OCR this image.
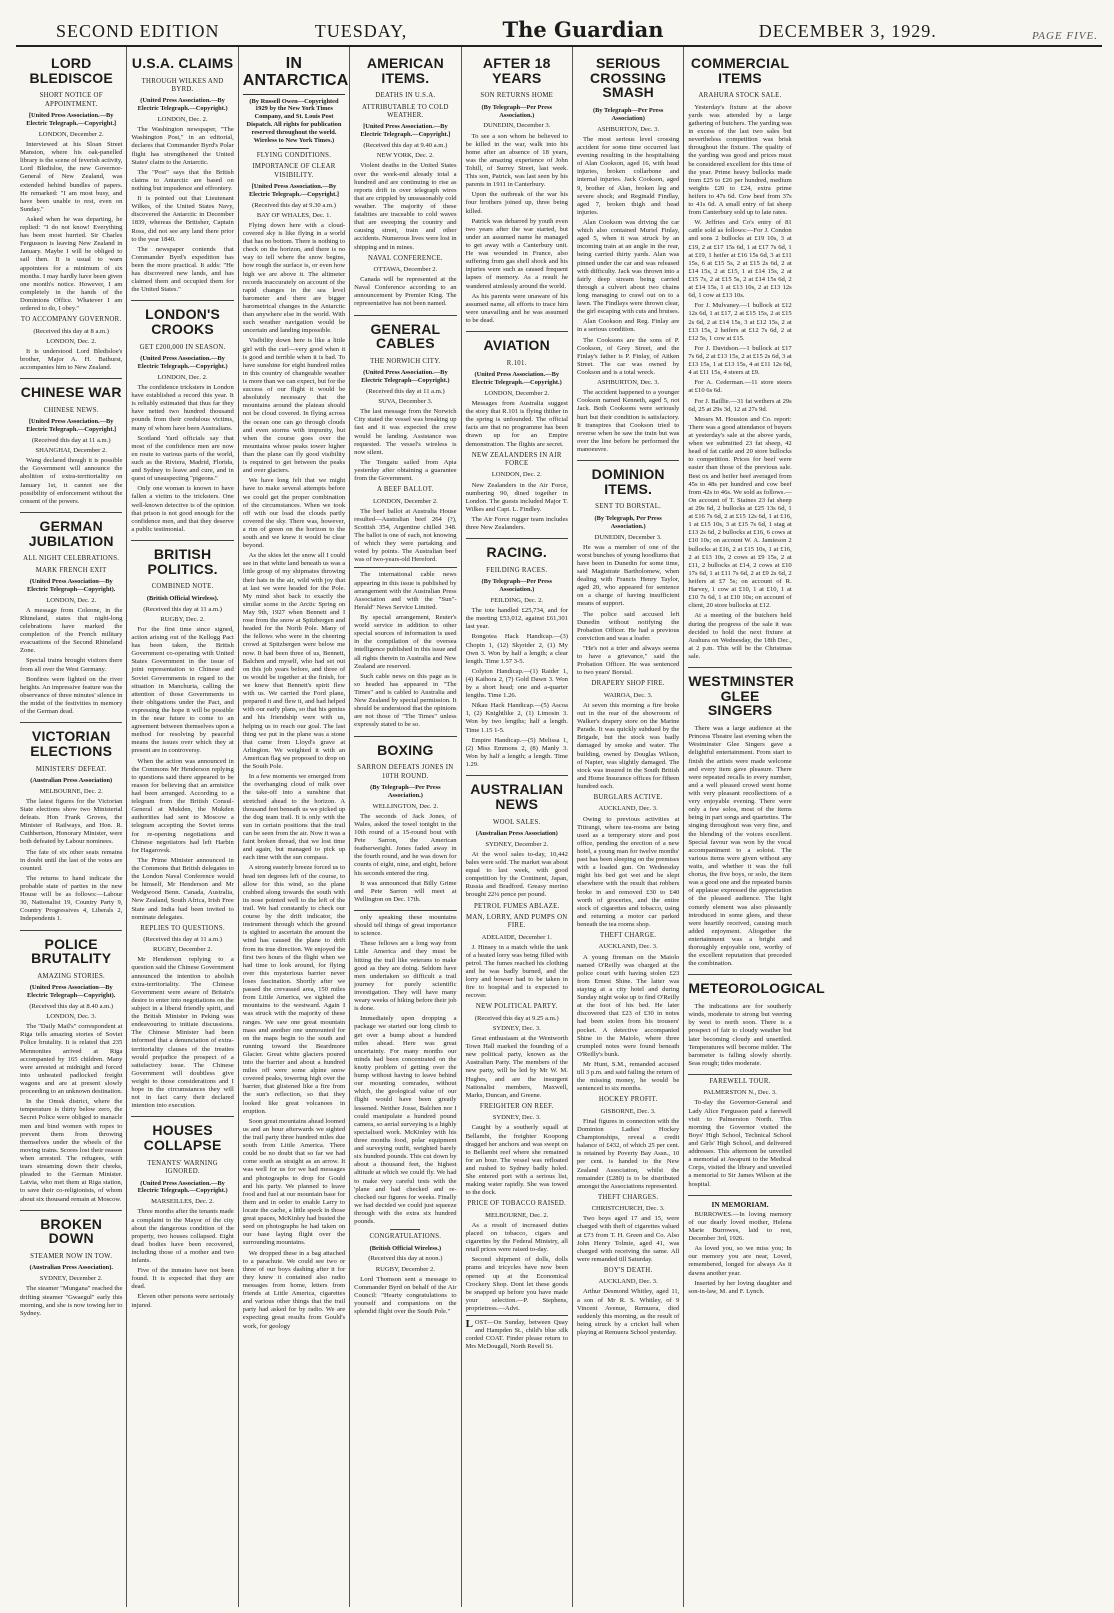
SECOND EDITION	TUESDAY,	The Guardian	DECEMBER 3, 1929.	PAGE FIVE.
LORD BLEDISCOE
SHORT NOTICE OF APPOINTMENT.
[United Press Association.—By Electric Telegraph.—Copyright.]
LONDON, December 2.

Interviewed at his Sloan Street Mansion, where his oak-panelled library is the scene of feverish activity, Lord Bledisloe, the new Governor-General of New Zealand, was extended behind bundles of papers. He remarked: "I am most busy, and have been unable to rest, even on Sunday."

Asked when he was departing, he replied: "I do not know! Everything has been most hurried. Sir Charles Fergusson is leaving New Zealand in January. Maybe I will be obliged to sail then. It is usual to warn appointees for a minimum of six months. I may hardly have been given one month's notice. However, I am completely in the hands of the Dominions Office. Whatever I am ordered to do, I obey."

TO ACCOMPANY GOVERNOR.
(Received this day at 8 a.m.)
LONDON, Dec. 2.

It is understood Lord Bledisloe's brother, Major A. H. Bathurst, accompanies him to New Zealand.

CHINESE WAR
CHINESE NEWS.
[United Press Association.—By Electric Telegraph.—Copyright.]
(Received this day at 11 a.m.)
SHANGHAI, December 2.

Wang declared though it is possible the Government will announce the abolition of extra-territoriality on January 1st, it cannot see the possibility of enforcement without the consent of the powers.

GERMAN JUBILATION
ALL NIGHT CELEBRATIONS.
MARK FRENCH EXIT
(United Press Association—By Electric Telegraph—Copyright).
LONDON, Dec. 2.

A message from Coleone, in the Rhineland, states that night-long celebrations have marked the completion of the French military evacuations of the Second Rhineland Zone.

Special trains brought visitors there from all over the West Germany.

Bonfires were lighted on the river heights. An impressive feature was the observance of three minutes' silence in the midst of the festivities in memory of the German dead.

VICTORIAN ELECTIONS
MINISTERS' DEFEAT.
(Australian Press Association)
MELBOURNE, Dec. 2.

The latest figures for the Victorian State elections show two Ministerial defeats. Hon Frank Groves, the Minister of Railways, and Hon. R. Cuthbertson, Honorary Minister, were both defeated by Labour nominees.

The fate of six other seats remains in doubt until the last of the votes are counted.

The returns to hand indicate the probable state of parties in the new House will be as follows:—Labour 30, Nationalist 19, Country Party 9, Country Progressives 4, Liberals 2, Independents 1.

POLICE BRUTALITY
AMAZING STORIES.
(United Press Association—By Electric Telegraph—Copyright).
(Received this day at 8.40 a.m.)
LONDON, Dec. 3.

The "Daily Mail's" correspondent at Riga tells amazing stories of Soviet Police brutality. It is related that 235 Mennonites arrived at Riga accompanied by 165 children. Many were arrested at midnight and forced into unheated padlocked freight wagons and are at present slowly proceeding to an unknown destination.

In the Omsk district, where the temperature is thirty below zero, the Secret Police were obliged to manacle men and bind women with ropes to prevent them from throwing themselves under the wheels of the moving trains. Scores lost their reason when arrested. The refugees, with tears streaming down their cheeks, pleaded to the German Minister. Latvia, who met them at Riga station, to save their co-religionists, of whom about six thousand remain at Moscow.

BROKEN DOWN
STEAMER NOW IN TOW.
(Australian Press Association).
SYDNEY, December 2.

The steamer "Mungana" reached the drifting steamer "Gwaegul" early this morning, and she is now towing her to Sydney.

U.S.A. CLAIMS
THROUGH WILKES AND BYRD.
(United Press Association.—By Electric Telegraph.—Copyright.)
LONDON, Dec. 2.

The Washington newspaper, "The Washington Post," in an editorial, declares that Commander Byrd's Polar flight has strengthened the United States' claim to the Antarctic.

The "Post" says that the British claims to Antarctic are based on nothing but impudence and effrontery.

It is pointed out that Lieutenant Wilkes, of the United States Navy, discovered the Antarctic in December 1839, whereas the Britisher, Captain Ross, did not see any land there prior to the year 1840.

The newspaper contends that Commander Byrd's expedition has been the more practical. It adds: "He has discovered new lands, and has claimed them and occupied them for the United States."

LONDON'S CROOKS
GET £200,000 IN SEASON.
(United Press Association.—By Electric Telegraph.—Copyright.)
LONDON, Dec. 2.

The confidence tricksters in London have established a record this year. It is reliably estimated that thus far they have netted two hundred thousand pounds from their credulous victims, many of whom have been Australians.

Scotland Yard officials say that most of the confidence men are now en route to various parts of the world, such as the Riviera, Madrid, Florida, and Sydney to leave and cure, and in quest of unsuspecting "pigeons."

Only one woman is known to have fallen a victim to the tricksters. One well-known detective is of the opinion that prison is not good enough for the confidence men, and that they deserve a public testimonial.

BRITISH POLITICS.
COMBINED NOTE.
(British Official Wireless).
(Received this day at 11 a.m.)
RUGBY, Dec. 2.

For the first time since signed, action arising out of the Kellogg Pact has been taken, the British Government co-operating with United States Government in the issue of joint representation to Chinese and Soviet Governments in regard to the situation in Manchuria, calling the attention of those Governments to their obligations under the Pact, and expressing the hope it will be possible in the near future to come to an agreement between themselves upon a method for resolving by peaceful means the issues over which they at present are in controversy.

When the action was announced in the Commons Mr Henderson replying to questions said there appeared to be reason for believing that an armistice had been arranged. According to a telegram from the British Consul-General at Mukden, the Mukden authorities had sent to Moscow a telegram accepting the Soviet terms for re-opening negotiations and Chinese negotiators had left Harbin for Hagarovsk.

The Prime Minister announced in the Commons that British delegates to the London Naval Conference would be himself, Mr Henderson and Mr Wedgwood Benn. Canada, Australia, New Zealand, South Africa, Irish Free State and India had been invited to nominate delegates.

REPLIES TO QUESTIONS.
(Received this day at 11 a.m.)
RUGBY, December 2.

Mr Henderson replying to a question said the Chinese Government announced the intention to abolish extra-territoriality. The Chinese Government were aware of Britain's desire to enter into negotiations on the subject in a liberal friendly spirit, and the British Minister in Peking was endeavouring to initiate discussions. The Chinese Minister had been informed that a denunciation of extra-territoriality clauses of the treaties would prejudice the prospect of a satisfactory issue. The Chinese Government will doubtless give weight to those considerations and I hope in the circumstances they will not in fact carry their declared intention into execution.

HOUSES COLLAPSE
TENANTS' WARNING IGNORED.
(United Press Association.—By Electric Telegraph.—Copyright.)
MARSEILLES, Dec. 2.

Three months after the tenants made a complaint to the Mayor of the city about the dangerous condition of the property, two houses collapsed. Eight dead bodies have been recovered, including those of a mother and two infants.

Five of the inmates have not been found. It is expected that they are dead.

Eleven other persons were seriously injured.

IN ANTARCTICA
(By Russell Owen—Copyrighted 1929 by the New York Times Company, and St. Louis Post Dispatch. All rights for publication reserved throughout the world. Wireless to New York Times.)
FLYING CONDITIONS.
IMPORTANCE OF CLEAR VISIBILITY.
[United Press Association.—By Electric Telegraph.—Copyright.]
(Received this day at 9.30 a.m.)
BAY OF WHALES, Dec. 1.

Flying down here with a cloud-covered sky is like flying in a world that has no bottom. There is nothing to check on the horizon, and there is no way to tell where the snow begins, how rough the surface is, or even how high we are above it. The altimeter records inaccurately on account of the rapid changes in the sea level barometer and there are bigger barometrical changes in the Antarctic than anywhere else in the world. With such weather navigation would be uncertain and landing impossible.

Visibility down here is like a little girl with the curl—very good when it is good and terrible when it is bad. To have sunshine for eight hundred miles in this country of changeable weather is more than we can expect, but for the success of our flight it would be absolutely necessary that the mountains around the plateau should not be cloud covered. In flying across the ocean one can go through clouds and even storms with impunity, but when the course goes over the mountains whose peaks tower higher than the plane can fly good visibility is required to get between the peaks and over glaciers.

We have long felt that we might have to make several attempts before we could get the proper combination of the circumstances. When we took off with our load the clouds partly covered the sky. There was, however, a rim of green on the horizon to the south and we knew it would be clear beyond.

As the skies let the snow all I could see in that white land beneath us was a little group of my shipmates throwing their hats in the air, wild with joy that at last we were headed for the Pole. My mind shot back to exactly the similar scene in the Arctic Spring on May 9th, 1927 when Bennett and I rose from the snow at Spitzbergen and headed for the North Pole. Many of the fellows who were in the cheering crowd at Spitzbergen were below me now. It had been three of us, Bennett, Balchen and myself, who had set out on this job years before, and three of us would be together at the finish, for we knew that Bennett's spirit flew with us. We carried the Ford plane, prepared it and flew it, and had helped with our early plans, so that his genius and his friendship were with us, helping us to reach our goal. The last thing we put in the plane was a stone that came from Lloyd's grave at Arlington. We weighted it with an American flag we proposed to drop on the South Pole.

In a few moments we emerged from the overhanging cloud of milk over the take-off into a sunshine that stretched ahead to the horizon. A thousand feet beneath us we picked up the dog team trail. It is only with the sun in certain positions that the trail can be seen from the air. Now it was a faint broken thread, that we lost time and again, but managed to pick up each time with the sun compass.

A strong easterly breeze forced us to head ten degrees left of the course, to allow for this wind, so the plane crabbed along towards the south with its nose pointed well to the left of the trail. We had constantly to check our course by the drift indicator, the instrument through which the ground is sighted to ascertain the amount the wind has caused the plane to drift from its true direction. We enjoyed the first two hours of the flight when we had time to look around, for flying over this mysterious barrier never loses fascination. Shortly after we passed the crevassed area, 150 miles from Little America, we sighted the mountains to the westward. Again I was struck with the majority of these ranges. We saw one great mountain mass and another one unmounted for on the maps begin to the south and running toward the Beardmore Glacier. Great white glaciers poured into the barrier and about a hundred miles off were some alpine snow covered peaks, towering high over the barrier, that glistened like a fire from the sun's reflection, so that they looked like great volcanoes in eruption.

Soon great mountains ahead loomed us and an hour afterwards we sighted the trail party three hundred miles due south from Little America. There could be no doubt that so far we had come south as straight as an arrow. It was well for us for we had messages and photographs to drop for Gould and his party. We planned to leave food and fuel at our mountain base for them and in order to enable Larry to locate the cache, a little speck in those great spaces, McKinley had busied the seed on photographs he had taken on our base laying flight over the surrounding mountains.

We dropped these in a bag attached to a parachute. We could see two or three of our boys dashing after it for they knew it contained also radio messages from home, letters from friends at Little America, cigarettes and various other things that the trail party had asked for by radio. We are expecting great results from Gould's work, for geology

AMERICAN ITEMS.
DEATHS IN U.S.A.
ATTRIBUTABLE TO COLD WEATHER.
[United Press Association.—By Electric Telegraph.—Copyright.]
(Received this day at 9.40 a.m.)
NEW YORK, Dec. 2.

Violent deaths in the United States over the week-end already total a hundred and are continuing to rise as reports drift in over telegraph wires that are crippled by unseasonably cold weather. The majority of these fatalities are traceable to cold waves that are sweeping the country and causing street, train and other accidents. Numerous lives were lost in shipping and in mines.

NAVAL CONFERENCE.
OTTAWA, December 2.

Canada will be represented at the Naval Conference according to an announcement by Premier King. The representative has not been named.

GENERAL CABLES
THE NORWICH CITY.
(United Press Association.—By Electric Telegraph—Copyright.)
(Received this day at 11 a.m.)
SUVA, December 3.

The last message from the Norwich City stated the vessel was breaking up fast and it was expected the crew would be landing. Assistance was requested. The vessel's wireless is now silent.

The Tongatu sailed from Apia yesterday after obtaining a guarantee from the Government.

A BEEF BALLOT.
LONDON, December 2.

The beef ballot at Australia House resulted—Australian beef 264 (?), Scottish 354, Argentine chilled 348. The ballot is one of each, not knowing of which they were partaking and voted by points. The Australian beef was of two-years-old Hereford.

The international cable news appearing in this issue is published by arrangement with the Australian Press Association and with the "Sun"-Herald" News Service Limited.

By special arrangement, Reuter's world service in addition to other special sources of information is used in the compilation of the oversea intelligence published in this issue and all rights therein in Australia and New Zealand are reserved.

Such cable news on this page as is so headed has appeared in "The Times" and is cabled to Australia and New Zealand by special permission. It should be understood that the opinions are not those of "The Times" unless expressly stated to be so.

BOXING
SARRON DEFEATS JONES IN 10TH ROUND.
(By Telegraph—Per Press Association.)
WELLINGTON, Dec. 2.

The seconds of Jack Jones, of Wales, asked the towel tonight in the 10th round of a 15-round bout with Pete Sarron, the American featherweight. Jones faded away in the fourth round, and he was down for counts of eight, nine, and eight, before his seconds entered the ring.

It was announced that Billy Grime and Pete Sarron will meet at Wellington on Dec. 17th.

only speaking these mountains should tell things of great importance to science.

These fellows are a long way from Little America and they must be hitting the trail like veterans to make good as they are doing. Seldom have men undertaken so difficult a trail journey for purely scientific investigation. They will have many weary weeks of hiking before their job is done.

Immediately upon dropping a package we started our long climb to get over a bump about a hundred miles ahead. Here was great uncertainty. For many months our minds had been concentrated on the knotty problem of getting over the hump without having to leave behind our mounting comrades, without which, the geological value of our flight would have been greatly lessened. Neither Josse, Balchen nor I could manipulate a hundred pound camera, so aerial surveying is a highly specialised work. McKinley with his three months food, polar equipment and surveying outfit, weighted barely six hundred pounds. This cut down by about a thousand feet, the highest altitude at which we could fly. We had to make very careful tests with the 'plane and had checked and re-checked our figures for weeks. Finally we had decided we could just squeeze through with the extra six hundred pounds.

CONGRATULATIONS.
(British Official Wireless.)
(Received this day at noon.)
RUGBY, December 2.

Lord Thomson sent a message to Commander Byrd on behalf of the Air Council: "Hearty congratulations to yourself and companions on the splendid flight over the South Pole."

AFTER 18 YEARS
SON RETURNS HOME
(By Telegraph—Per Press Association.)
DUNEDIN, December 3.

To see a son whom he believed to be killed in the war, walk into his home after an absence of 18 years, was the amazing experience of John Tohill, of Surrey Street, last week. This son, Patrick, was last seen by his parents in 1911 in Canterbury.

Upon the outbreak of the war his four brothers joined up, three being killed.

Patrick was debarred by youth even two years after the war started, but under an assumed name he managed to get away with a Canterbury unit. He was wounded in France, also suffering from gas shell shock and his injuries were such as caused frequent lapses of memory. As a result he wandered aimlessly around the world.

As his parents were unaware of his assumed name, all efforts to trace him were unavailing and he was assumed to be dead.

AVIATION
R.101.
(United Press Association.—By Electric Telegraph.—Copyright.)
LONDON, December 2.

Messages from Australia suggest the story that R.101 is flying thither in the spring is unfounded. The official facts are that no programme has been drawn up for an Empire demonstration. The flights are secret.

NEW ZEALANDERS IN AIR FORCE
LONDON, Dec. 2.

New Zealanders in the Air Force, numbering 90, dined together in London. The guests included Major T. Wilkes and Capt. L. Findley.

The Air Force rugger team includes three New Zealanders.

RACING.
FEILDING RACES.
(By Telegraph—Per Press Association.)
FEILDING, Dec. 2.

The tote handled £25,734, and for the meeting £53,012, against £61,301 last year.

Rongotea Hack Handicap.—(3) Chopin 1, (12) Skyrider 2, (1) My Own 3. Won by half a length; a clear length. Time 1.57 3-5.

Colyton Handicap.—(1) Raider 1, (4) Kaihora 2, (7) Gold Dawn 3. Won by a short head; one and a-quarter lengths. Time 1.26.

Nikau Hack Handicap.—(5) Ascoa 1, (2) Knightlike 2, (1) Limosin 3. Won by two lengths; half a length. Time 1.15 1-5.

Empire Handicap.—(5) Melissa 1, (2) Miss Emmons 2, (8) Manly 3. Won by half a length; a length. Time 1.29.

AUSTRALIAN NEWS
WOOL SALES.
(Australian Press Association)
SYDNEY, December 2.

At the wool sales to-day, 10,442 bales were sold. The market was about equal to last week, with good competition by the Continent, Japan, Russia and Bradford. Greasy merino brought 22¼ pence per pound.

PETROL FUMES ABLAZE.
MAN, LORRY, AND PUMPS ON FIRE.
ADELAIDE, December 1.

J. Hinsey in a match while the tank of a heated lorry was being filled with petrol. The fumes reached his clothing and he was badly burned, and the lorry and bowser had to be taken in fire to hospital and is expected to recover.

NEW POLITICAL PARTY.
(Received this day at 9.25 a.m.)
SYDNEY, Dec. 3.

Great enthusiasm at the Wentworth Town Hall marked the founding of a new political party, known as the Australian Party. The members of the new party, will be led by Mr W. M. Hughes, and are the insurgent Nationalist members, Maxwell, Marks, Duncan, and Greene.

FREIGHTER ON REEF.
SYDNEY, Dec. 3.

Caught by a southerly squall at Bellambi, the freighter Koopong dragged her anchors and was swept on to Bellambi reef where she remained for an hour. The vessel was refloated and rushed to Sydney badly holed. She entered port with a serious list, making water rapidly. She was towed to the dock.

PRICE OF TOBACCO RAISED.
MELBOURNE, Dec. 2.

As a result of increased duties placed on tobacco, cigars and cigarettes by the Federal Ministry, all retail prices were raised to-day.

Second shipment of dolls, dolls prams and tricycles have now been opened up at the Economical Crockery Shop. Dont let these goods be snapped up before you have made your selection.—P. Stephens, proprietress.—Advt.

L OST—On Sunday, between Quay and Hampden St., child's blue silk corded COAT. Finder please return to Mrs McDougall, North Revell St.
SERIOUS CROSSING SMASH
(By Telegraph—Per Press Association)
ASHBURTON, Dec. 3.

The most serious level crossing accident for some time occurred last evening resulting in the hospitalising of Alan Cookson, aged 16, with head injuries, broken collarbone and internal injuries. Jack Cookson, aged 9, brother of Alan, broken leg and severe shock; and Reginald Findlay, aged 7, broken thigh and head injuries.

Alan Cookson was driving the car which also contained Muriel Finlay, aged 5, when it was struck by an incoming train at an angle in the rear, being carried thirty yards. Alan was pinned under the car and was released with difficulty. Jack was thrown into a fairly deep stream being carried through a culvert about two chains long managing to crawl out on to a lawn. The Findlays were thrown clear, the girl escaping with cuts and bruises.

Alan Cookson and Reg. Finlay are in a serious condition.

The Cooksons are the sons of P. Cookson, of Grey Street, and the Finlay's father is P. Finlay, of Aitken Street. The car was owned by Cookson and is a total wreck.

ASHBURTON, Dec. 3.

The accident happened to a younger Cookson named Kenneth, aged 5, not Jack. Both Cooksons were seriously hurt but their condition is satisfactory. It transpires that Cookson tried to reverse when he saw the train but was over the line before he performed the manoeuvre.

DOMINION ITEMS.
SENT TO BORSTAL.
(By Telegraph, Per Press Association.)
DUNEDIN, December 3.

He was a member of one of the worst bunches of young hoodlums that have been in Dunedin for some time, said Magistrate Bartholomew, when dealing with Francis Henry Taylor, aged 20, who appeared for sentence on a charge of having insufficient means of support.

The police said accused left Dunedin without notifying the Probation Officer. He had a previous conviction and was a loafer.

"He's not a trier and always seems to have a grievance," said the Probation Officer. He was sentenced to two years' Borstal.

DRAPERY SHOP FIRE.
WAIROA, Dec. 3.

At seven this morning a fire broke out in the rear of the showroom of Walker's drapery store on the Marine Parade. It was quickly subdued by the Brigade, but the stock was badly damaged by smoke and water. The building, owned by Douglas Wilson, of Napier, was slightly damaged. The stock was insured in the South British and Home Insurance offices for fifteen hundred each.

BURGLARS ACTIVE.
AUCKLAND, Dec. 3.

Owing to previous activities at Titirangi, where tea-rooms are being used as a temporary store and post office, pending the erection of a new hotel, a young man for twelve months' past has been sleeping on the premises with a loaded gun. On Wednesday night his bed got wet and he slept elsewhere with the result that robbers broke in and removed £30 to £40 worth of groceries, and the entire stock of cigarettes and tobacco, using and returning a motor car parked beneath the tea rooms shop.

THEFT CHARGE.
AUCKLAND, Dec. 3.

A young fireman on the Maiolo named O'Reilly was charged at the police court with having stolen £23 from Ernest Shine. The latter was staying at a city hotel and during Sunday night woke up to find O'Reilly at the foot of his bed. He later discovered that £23 of £30 in notes had been stolen from his trousers' pocket. A detective accompanied Shine to the Maiolo, where three crumpled notes were found beneath O'Reilly's bunk.

Mr Hunt, S.M., remanded accused till 3 p.m. and said failing the return of the missing money, he would be sentenced to six months.

HOCKEY PROFIT.
GISBORNE, Dec. 3.

Final figures in connection with the Dominion Ladies' Hockey Championships, reveal a credit balance of £432, of which 25 per cent. is retained by Poverty Bay Assn., 10 per cent. is handed to the New Zealand Association, whilst the remainder (£280) is to be distributed amongst the Associations represented.

THEFT CHARGES.
CHRISTCHURCH, Dec. 3.

Two boys aged 17 and 15, were charged with theft of cigarettes valued at £73 from T. H. Green and Co. Also John Henry Tolmie, aged 41, was charged with receiving the same. All were remanded till Saturday.

BOY'S DEATH.
AUCKLAND, Dec. 3.

Arthur Desmond Whitley, aged 11, a son of Mr R. S. Whitley, of 9 Vincent Avenue, Remuera, died suddenly this morning, as the result of being struck by a cricket ball when playing at Remuera School yesterday.

COMMERCIAL ITEMS
ARAHURA STOCK SALE.

Yesterday's fixture at the above yards was attended by a large gathering of butchers. The yarding was in excess of the last two sales but nevertheless competition was brisk throughout the fixture. The quality of the yarding was good and prices must be considered excellent for this time of the year. Prime heavy bullocks made from £25 to £26 per hundred, medium weights £20 to £24, extra prime heifers to 47s 6d. Cow beef from 37s to 41s 6d. A small entry of fat sheep from Canterbury sold up to late rates.

W. Jeffries and Co's entry of 81 cattle sold as follows:—For J. Condon and sons 2 bullocks at £19 10s, 3 at £19, 2 at £17 15s 6d, 1 at £17 7s 6d, 1 at £19, 1 heifer at £16 15s 6d, 3 at £11 15s, 6 at £15 5s, 2 at £15 2s 6d, 2 at £14 15s, 2 at £15, 1 at £14 15s, 2 at £15 7s, 2 at £15 5s, 2 at £14 15s 6d, 2 at £14 15s, 1 at £13 10s, 2 at £13 12s 6d, 1 cow at £13 10s.

For J. Mulvaney.—1 bullock at £12 12s 6d, 1 at £17, 2 at £15 15s, 2 at £15 2s 6d, 2 at £14 15s, 3 at £12 15s, 2 at £13 15s, 2 heifers at £12 7s 6d, 2 at £12 5s, 1 cow at £15.

For J. Davidson.—1 bullock at £17 7s 6d, 2 at £13 15s, 2 at £15 2s 6d, 3 at £13 15s, 1 at £13 15s, 4 at £11 12s 6d, 4 at £11 15s, 4 steers at £9.

For A. Cederman.—11 store steers at £10 6s 6d.

For J. Baillie.—31 fat wethers at 29s 6d, 25 at 29s 3d, 12 at 27s 9d.

Messrs M. Houston and Co. report: There was a good attendance of buyers at yesterday's sale at the above yards, when we submitted 23 fat sheep, 42 head of fat cattle and 20 store bullocks to competition. Prices for beef were easier than those of the previous sale. Best ox and heifer beef averaged from 45s to 48s per hundred and cow beef from 42s to 46s. We sold as follows.—On account of T. Staines 23 fat sheep at 29s 6d, 2 bullocks at £25 13s 6d, 1 at £16 7s 6d, 2 at £15 12s 6d, 1 at £16, 1 at £15 10s, 3 at £15 7s 6d, 1 stag at £13 2s 6d, 2 bullocks at £16, 6 cows at £10 10s; on account W. A. Jamieson 2 bullocks at £16, 2 at £15 10s, 1 at £16, 2 at £13 10s, 2 cows at £9 15s, 2 at £11, 2 bullocks at £14, 2 cows at £10 17s 6d, 1 at £11 7s 6d, 2 at £9 2s 6d, 2 heifers at £7 5s; on account of R. Harvey, 1 cow at £10, 1 at £10, 1 at £10 7s 6d, 1 at £10 10s; on account of client, 20 store bullocks at £12.

At a meeting of the butchers held during the progress of the sale it was decided to hold the next fixture at Arahura on Wednesday, the 18th Dec., at 2 p.m. This will be the Christmas sale.

WESTMINSTER GLEE SINGERS

There was a large audience at the Princess Theatre last evening when the Westminster Glee Singers gave a delightful entertainment. From start to finish the artists were made welcome and every item gave pleasure. There were repeated recalls to every number, and a well pleased crowd went home with very pleasant recollections of a very enjoyable evening. There were only a few solos, most of the items being in part songs and quartettes. The singing throughout was very fine, and the blending of the voices excellent. Special favour was won by the vocal accompaniment to a soloist. The various items were given without any waits, and whether it was the full chorus, the five boys, or solo, the item was a good one and the repeated bursts of applause expressed the appreciation of the pleased audience. The light comedy element was also pleasantly introduced in some glees, and these were heartily received, causing much added enjoyment. Altogether the entertainment was a bright and thoroughly enjoyable one, worthy of the excellent reputation that preceded the combination.

METEOROLOGICAL

The indications are for southerly winds, moderate to strong but veering by west to north soon. There is a prospect of fair to cloudy weather but later becoming cloudy and unsettled. Temperatures will become milder. The barometer is falling slowly shortly. Seas rough; tides moderate.

FAREWELL TOUR.
PALMERSTON N., Dec. 3.

To-day the Governor-General and Lady Alice Fergusson paid a farewell visit to Palmerston North. This morning the Governor visited the Boys' High School, Technical School and Girls' High School, and delivered addresses. This afternoon he unveiled a memorial at Awapuni to the Medical Corps, visited the library and unveiled a memorial to Sir James Wilson at the hospital.

IN MEMORIAM.

BURROWES.—In loving memory of our dearly loved mother, Helena Marie Burrowes, laid to rest, December 3rd, 1926.

As loved you, so we miss you; In our memory you are near, Loved, remembered, longed for always As it dawns another year.

Inserted by her loving daughter and son-in-law, M. and F. Lynch.
